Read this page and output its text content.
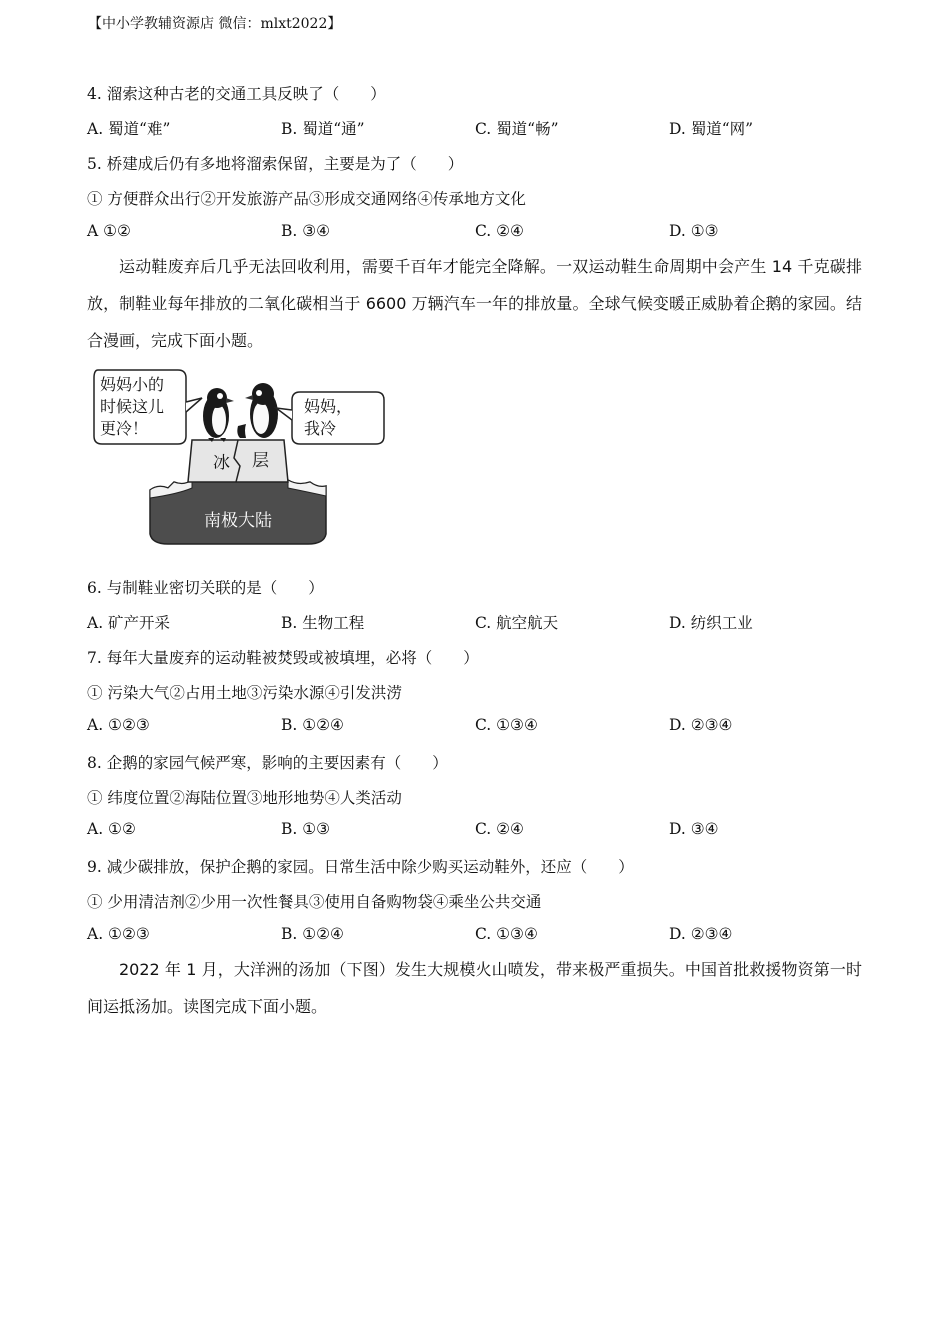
【中小学教辅资源店 微信：mlxt2022】
4. 溜索这种古老的交通工具反映了（　　）
A. 蜀道“难”	B. 蜀道“通”	C. 蜀道“畅”	D. 蜀道“网”
5. 桥建成后仍有多地将溜索保留，主要是为了（　　）
① 方便群众出行②开发旅游产品③形成交通网络④传承地方文化
A ①②	B. ③④	C. ②④	D. ①③
运动鞋废弃后几乎无法回收利用，需要千百年才能完全降解。一双运动鞋生命周期中会产生 14 千克碳排放，制鞋业每年排放的二氧化碳相当于 6600 万辆汽车一年的排放量。全球气候变暖正威胁着企鹅的家园。结合漫画，完成下面小题。
冰 层
南极大陆
妈妈小的
时候这儿
更冷！
妈妈，
我冷
6. 与制鞋业密切关联的是（　　）
A. 矿产开采	B. 生物工程	C. 航空航天	D. 纺织工业
7. 每年大量废弃的运动鞋被焚毁或被填埋，必将（　　）
① 污染大气②占用土地③污染水源④引发洪涝
A. ①②③	B. ①②④	C. ①③④	D. ②③④
8. 企鹅的家园气候严寒，影响的主要因素有（　　）
① 纬度位置②海陆位置③地形地势④人类活动
A. ①②	B. ①③	C. ②④	D. ③④
9. 减少碳排放，保护企鹅的家园。日常生活中除少购买运动鞋外，还应（　　）
① 少用清洁剂②少用一次性餐具③使用自备购物袋④乘坐公共交通
A. ①②③	B. ①②④	C. ①③④	D. ②③④
2022 年 1 月，大洋洲的汤加（下图）发生大规模火山喷发，带来极严重损失。中国首批救援物资第一时间运抵汤加。读图完成下面小题。
